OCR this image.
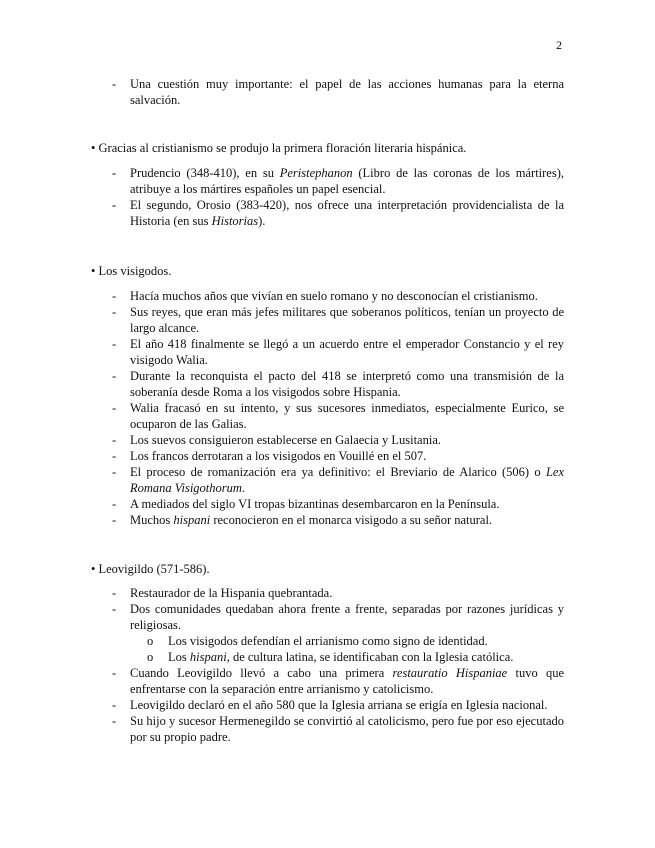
2
- Una cuestión muy importante: el papel de las acciones humanas para la eterna salvación.
• Gracias al cristianismo se produjo la primera floración literaria hispánica.
- Prudencio (348-410), en su Peristephanon (Libro de las coronas de los mártires), atribuye a los mártires españoles un papel esencial.
- El segundo, Orosio (383-420), nos ofrece una interpretación providencialista de la Historia (en sus Historias).
• Los visigodos.
- Hacía muchos años que vivían en suelo romano y no desconocían el cristianismo.
- Sus reyes, que eran más jefes militares que soberanos políticos, tenían un proyecto de largo alcance.
- El año 418 finalmente se llegó a un acuerdo entre el emperador Constancio y el rey visigodo Walia.
- Durante la reconquista el pacto del 418 se interpretó como una transmisión de la soberanía desde Roma a los visigodos sobre Hispania.
- Walia fracasó en su intento, y sus sucesores inmediatos, especialmente Eurico, se ocuparon de las Galias.
- Los suevos consiguieron establecerse en Galaecia y Lusitania.
- Los francos derrotaran a los visigodos en Vouillé en el 507.
- El proceso de romanización era ya definitivo: el Breviario de Alarico (506) o Lex Romana Visigothorum.
- A mediados del siglo VI tropas bizantinas desembarcaron en la Península.
- Muchos hispani reconocieron en el monarca visigodo a su señor natural.
• Leovigildo (571-586).
- Restaurador de la Hispania quebrantada.
- Dos comunidades quedaban ahora frente a frente, separadas por razones jurídicas y religiosas.
o Los visigodos defendían el arrianismo como signo de identidad.
o Los hispani, de cultura latina, se identificaban con la Iglesia católica.
- Cuando Leovigildo llevó a cabo una primera restauratio Hispaniae tuvo que enfrentarse con la separación entre arrianismo y catolicismo.
- Leovigildo declaró en el año 580 que la Iglesia arriana se erigía en Iglesia nacional.
- Su hijo y sucesor Hermenegildo se convirtió al catolicismo, pero fue por eso ejecutado por su propio padre.
